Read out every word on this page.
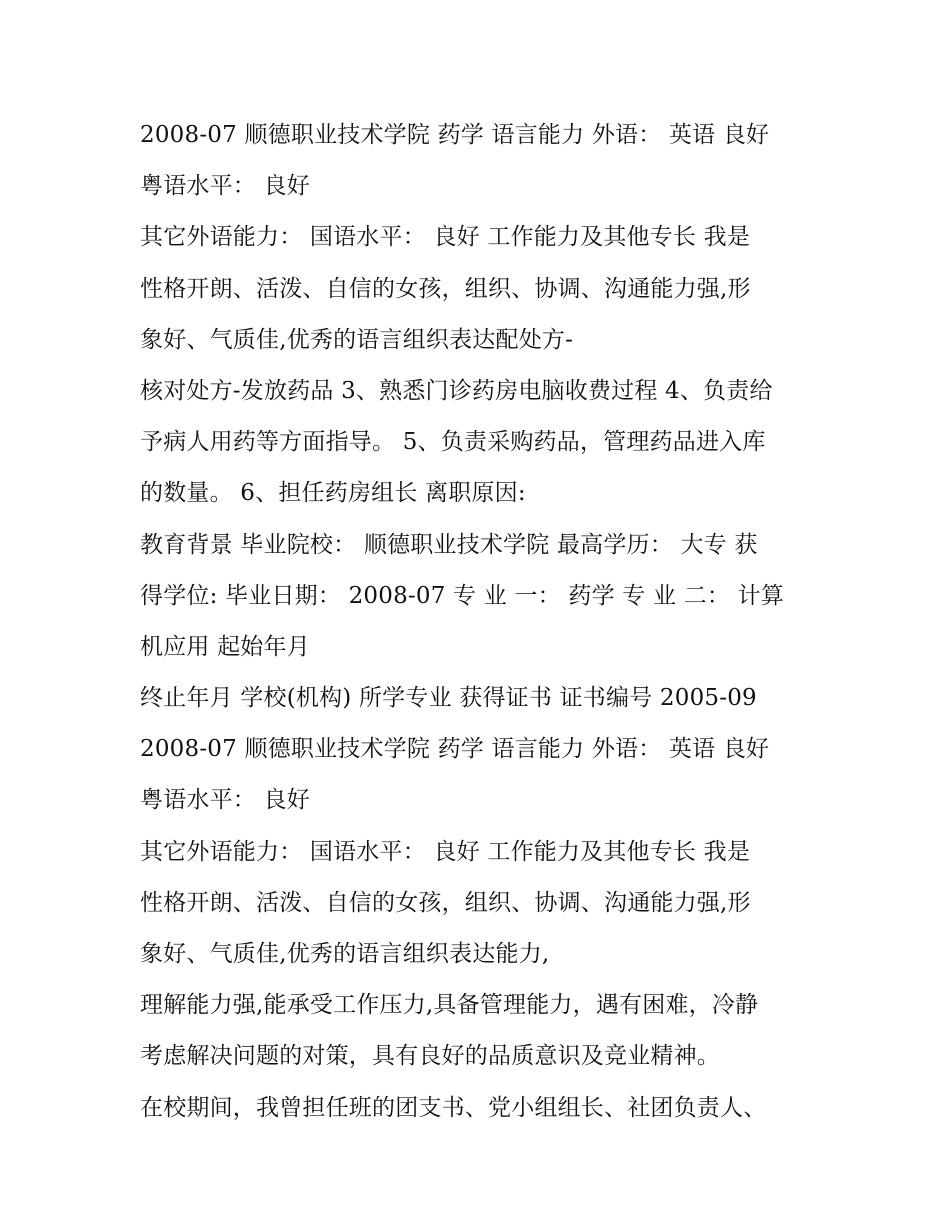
2008-07 顺德职业技术学院 药学 语言能力 外语： 英语 良好
粤语水平： 良好
其它外语能力： 国语水平： 良好 工作能力及其他专长 我是
性格开朗、活泼、自信的女孩，组织、协调、沟通能力强,形
象好、气质佳,优秀的语言组织表达配处方-
核对处方-发放药品 3、熟悉门诊药房电脑收费过程 4、负责给
予病人用药等方面指导。 5、负责采购药品，管理药品进入库
的数量。 6、担任药房组长 离职原因:
教育背景 毕业院校： 顺德职业技术学院 最高学历： 大专 获
得学位: 毕业日期： 2008-07 专 业 一： 药学 专 业 二： 计算
机应用 起始年月
终止年月 学校(机构) 所学专业 获得证书 证书编号 2005-09
2008-07 顺德职业技术学院 药学 语言能力 外语： 英语 良好
粤语水平： 良好
其它外语能力： 国语水平： 良好 工作能力及其他专长 我是
性格开朗、活泼、自信的女孩，组织、协调、沟通能力强,形
象好、气质佳,优秀的语言组织表达能力,
理解能力强,能承受工作压力,具备管理能力，遇有困难，冷静
考虑解决问题的对策，具有良好的品质意识及竞业精神。
在校期间，我曾担任班的团支书、党小组组长、社团负责人、
